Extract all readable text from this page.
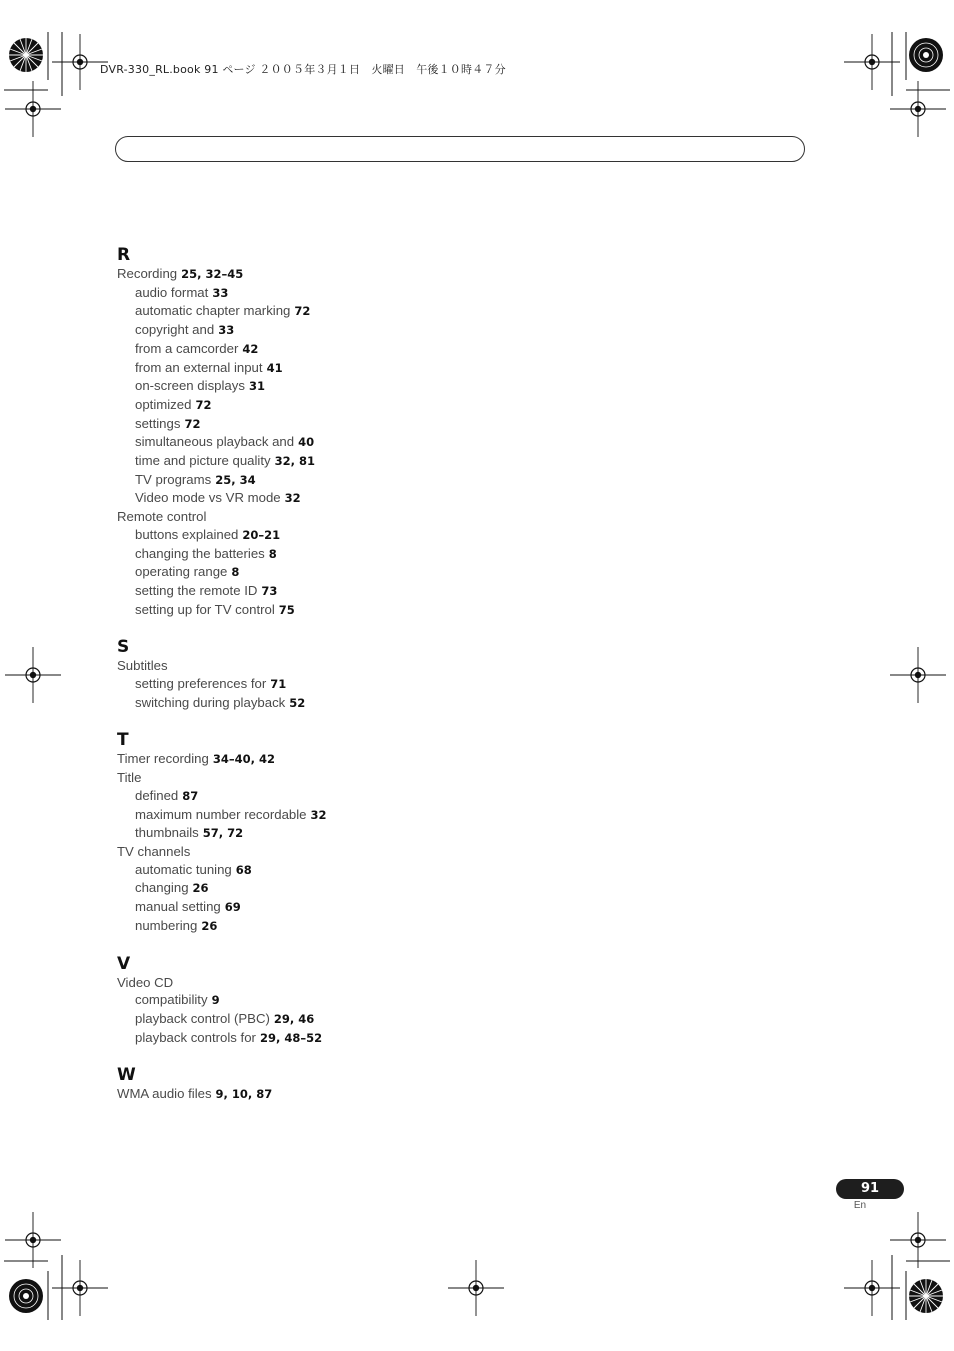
DVR-330_RL.book 91 ページ ２００５年３月１日　火曜日　午後１０時４７分
R
Recording 25, 32–45
audio format 33
automatic chapter marking 72
copyright and 33
from a camcorder 42
from an external input 41
on-screen displays 31
optimized 72
settings 72
simultaneous playback and 40
time and picture quality 32, 81
TV programs 25, 34
Video mode vs VR mode 32
Remote control
buttons explained 20–21
changing the batteries 8
operating range 8
setting the remote ID 73
setting up for TV control 75
S
Subtitles
setting preferences for 71
switching during playback 52
T
Timer recording 34–40, 42
Title
defined 87
maximum number recordable 32
thumbnails 57, 72
TV channels
automatic tuning 68
changing 26
manual setting 69
numbering 26
V
Video CD
compatibility 9
playback control (PBC) 29, 46
playback controls for 29, 48–52
W
WMA audio files 9, 10, 87
91
En
